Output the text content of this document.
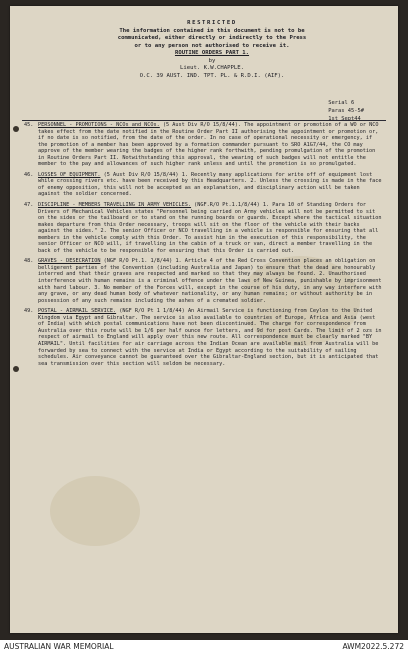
RESTRICTED
The information contained in this document is not to be
communicated, either directly or indirectly to the Press
or to any person not authorised to receive it.
ROUTINE ORDERS PART 1.
by
Lieut. K.W.CHAPPLE.
O.C. 39 AUST. IND. TPT. PL. & R.D.I. (AIF).
Serial 6
Paras 45-5#
1st Sept44
45. PERSONNEL - PROMOTIONS - NCOs and NCOs. (5 Aust Div R/O 15/8/44). The appointment or promotion of a WO or NCO takes effect from the date notified in the Routine Order Part II authorising the appointment or promotion or, if no date is so notified, from the date of the order. In no case of operational necessity or emergency, if the promotion of a member has been approved by a formation commander pursuant to SRO A1G7/44, the CO may approve of the member wearing the badges of the higher rank forthwith, pending promulgation of the promotion in Routine Orders Part II. Notwithstanding this approval, the wearing of such badges will not entitle the member to the pay and allowances of such higher rank unless and until the promotion is so promulgated.
46. LOSSES OF EQUIPMENT. (5 Aust Div R/O 15/8/44) 1. Recently many applications for write off of equipment lost while crossing rivers etc. have been received by this Headquarters. 2. Unless the crossing is made in the face of enemy opposition, this will not be accepted as an explanation, and disciplinary action will be taken against the soldier concerned.
47. DISCIPLINE - MEMBERS TRAVELLING IN ARMY VEHICLES. (NGF.R/O Pt.1.1/8/44) 1. Para 10 of Standing Orders for Drivers of Mechanical Vehicles states "Personnel being carried on Army vehicles will not be permitted to sit on the sides or the tailboard or to stand on the running boards or guards. Except where the tactical situation makes departure from this Order necessary, troops will sit on the floor of the vehicle with their backs against the sides." 2. The senior Officer or NCO travelling in a vehicle is responsible for ensuring that all members in the vehicle comply with this Order. To assist him in the execution of this responsibility, the senior Officer or NCO will, if travelling in the cabin of a truck or van, direct a member travelling in the back of the vehicle to be responsible for ensuring that this Order is carried out.
48. GRAVES - DESECRATION (NGF R/O Pt.1. 1/8/44) 1. Article 4 of the Red Cross Convention places an obligation on belligerent parties of the Convention (including Australia and Japan) to ensure that the dead are honourably interred and that their graves are respected and marked so that they may always be found. 2. Unauthorised interference with human remains is a criminal offence under the laws of New Guinea, punishable by imprisonment with hard labour. 3. No member of the Forces will, except in the course of his duty, in any way interfere with any grave, or any dead human body of whatever nationality, or any human remains; or without authority be in possession of any such remains including the ashes of a cremated soldier.
49. POSTAL - AIRMAIL SERVICE. (NGF R/O Pt 1 1/8/44) An Airmail Service is functioning from Ceylon to the United Kingdom via Egypt and Gibraltar. The service is also available to countries of Europe, Africa and Asia (west of India) with which postal communications have not been discontinued. The charge for correspondence from Australia over this route will be 1/6 per half ounce for letters, and 9d for post Cards. The limit of 2 ozs in respect of airmail to England will apply over this new route. All correspondence must be clearly marked "BY AIRMAIL". Until facilities for air carriage across the Indian Ocean are available mail from Australia will be forwarded by sea to connect with the service at India or Egypt according to the suitability of sailing schedules. Air conveyance cannot be guaranteed over the Gibraltar-England section, but it is anticipated that sea transmission over this section will seldom be necessary.
AUSTRALIAN WAR MEMORIAL	AWM2022.5.272
